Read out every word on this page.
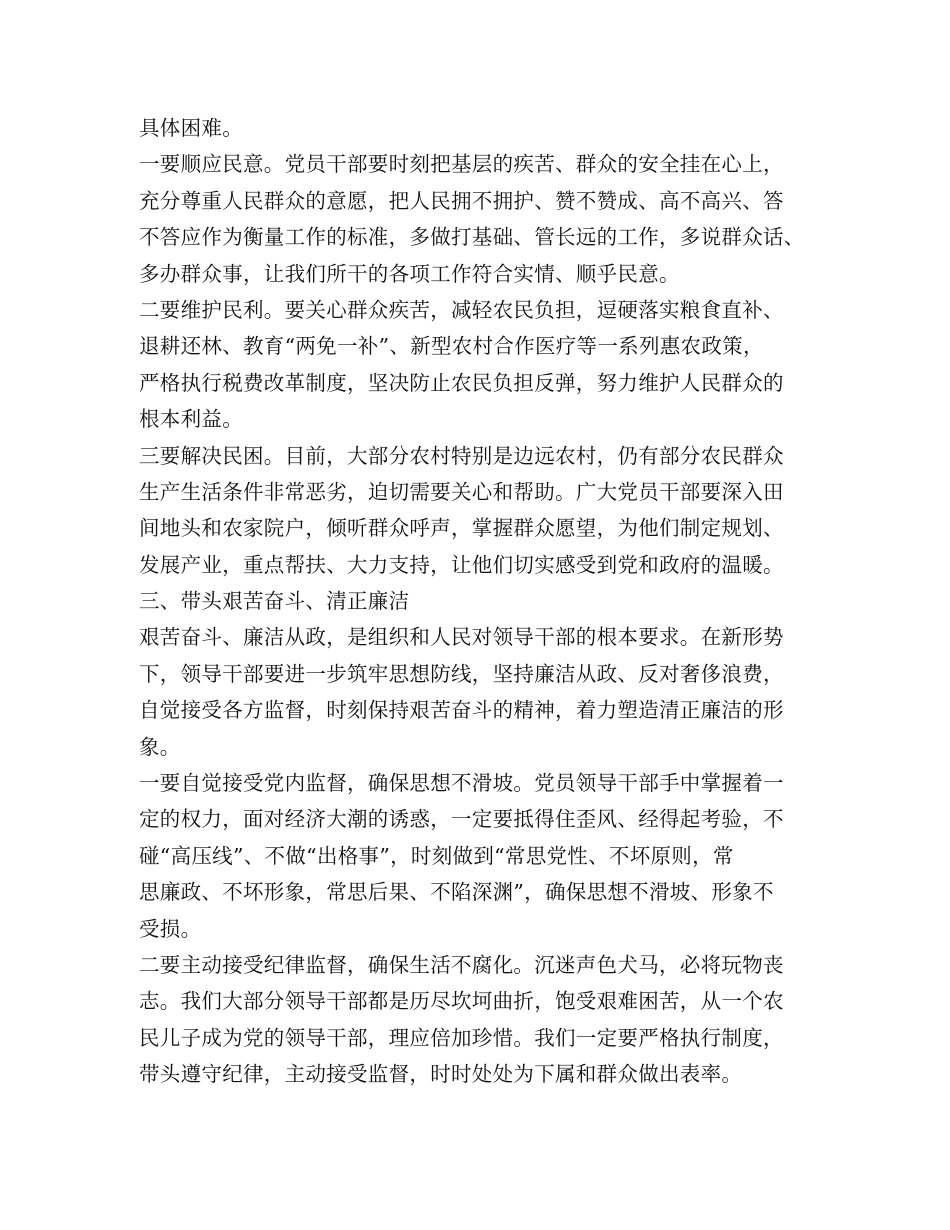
具体困难。
一要顺应民意。党员干部要时刻把基层的疾苦、群众的安全挂在心上，
充分尊重人民群众的意愿，把人民拥不拥护、赞不赞成、高不高兴、答
不答应作为衡量工作的标准，多做打基础、管长远的工作，多说群众话、
多办群众事，让我们所干的各项工作符合实情、顺乎民意。
二要维护民利。要关心群众疾苦，减轻农民负担，逗硬落实粮食直补、
退耕还林、教育“两免一补”、新型农村合作医疗等一系列惠农政策，
严格执行税费改革制度，坚决防止农民负担反弹，努力维护人民群众的
根本利益。
三要解决民困。目前，大部分农村特别是边远农村，仍有部分农民群众
生产生活条件非常恶劣，迫切需要关心和帮助。广大党员干部要深入田
间地头和农家院户，倾听群众呼声，掌握群众愿望，为他们制定规划、
发展产业，重点帮扶、大力支持，让他们切实感受到党和政府的温暖。
三、带头艰苦奋斗、清正廉洁
艰苦奋斗、廉洁从政，是组织和人民对领导干部的根本要求。在新形势
下，领导干部要进一步筑牢思想防线，坚持廉洁从政、反对奢侈浪费，
自觉接受各方监督，时刻保持艰苦奋斗的精神，着力塑造清正廉洁的形
象。
一要自觉接受党内监督，确保思想不滑坡。党员领导干部手中掌握着一
定的权力，面对经济大潮的诱惑，一定要抵得住歪风、经得起考验，不
碰“高压线”、不做“出格事”，时刻做到“常思党性、不坏原则，常
思廉政、不坏形象，常思后果、不陷深渊”，确保思想不滑坡、形象不
受损。
二要主动接受纪律监督，确保生活不腐化。沉迷声色犬马，必将玩物丧
志。我们大部分领导干部都是历尽坎坷曲折，饱受艰难困苦，从一个农
民儿子成为党的领导干部，理应倍加珍惜。我们一定要严格执行制度，
带头遵守纪律，主动接受监督，时时处处为下属和群众做出表率。
